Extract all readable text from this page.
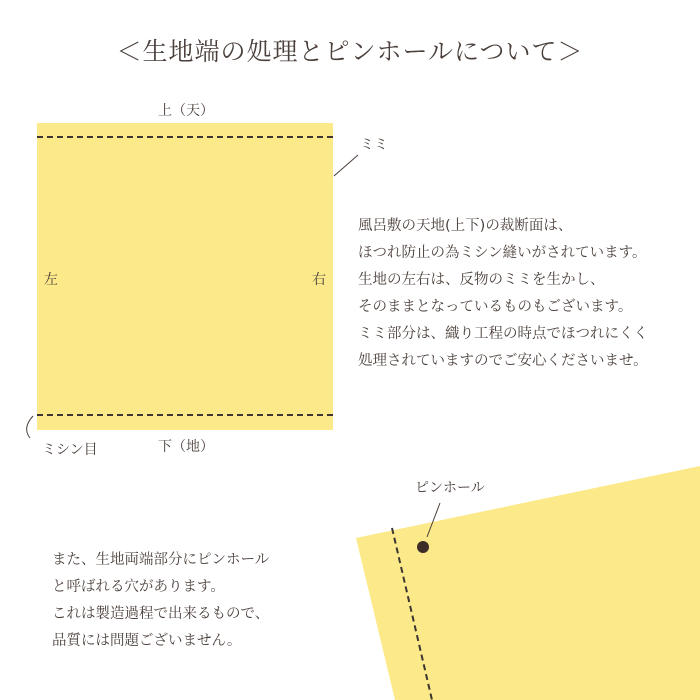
＜生地端の処理とピンホールについて＞
上（天）
下（地）
左	右
ミミ
ミシン目
ピンホール
風呂敷の天地(上下)の裁断面は、
ほつれ防止の為ミシン縫いがされています。
生地の左右は、反物のミミを生かし、
そのままとなっているものもございます。
ミミ部分は、織り工程の時点でほつれにくく
処理されていますのでご安心くださいませ。
また、生地両端部分にピンホール
と呼ばれる穴があります。
これは製造過程で出来るもので、
品質には問題ございません。
